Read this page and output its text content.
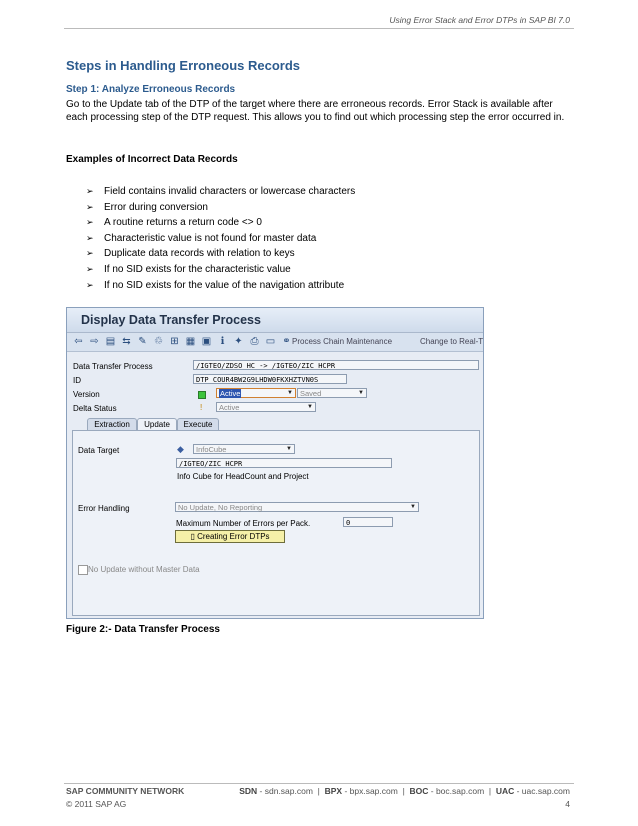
Using Error Stack and Error DTPs in SAP BI 7.0
Steps in Handling Erroneous Records
Step 1: Analyze Erroneous Records
Go to the Update tab of the DTP of the target where there are erroneous records. Error Stack is available after each processing step of the DTP request. This allows you to find out which processing step the error occurred in.
Examples of Incorrect Data Records
➢ Field contains invalid characters or lowercase characters
➢ Error during conversion
➢ A routine returns a return code <> 0
➢ Characteristic value is not found for master data
➢ Duplicate data records with relation to keys
➢ If no SID exists for the characteristic value
➢ If no SID exists for the value of the navigation attribute
Display Data Transfer Process
⇦ ⇨ ▤ ⇆ ✎ ♲ ⊞ ▦ ▣ ℹ ✦ ⎙ ▭ ⚭ Process Chain Maintenance	Change to Real-T
Data Transfer Process	/IGTEO/ZDSO_HC -> /IGTEO/ZIC_HCPR
ID	DTP_COUR4BW2G9LHDW0FKXHZTVN0S
Version	Active	▼ Saved	▼
Delta Status	!	Active	▼
Extraction	Update	Execute
Data Target	◆	InfoCube	▼
/IGTEO/ZIC_HCPR
Info Cube for HeadCount and Project
Error Handling	No Update, No Reporting	▼
Maximum Number of Errors per Pack.	0
▯ Creating Error DTPs
No Update without Master Data
Figure 2:- Data Transfer Process
SAP COMMUNITY NETWORK	SDN - sdn.sap.com  |  BPX - bpx.sap.com  |  BOC - boc.sap.com  |  UAC - uac.sap.com
© 2011 SAP AG	4
